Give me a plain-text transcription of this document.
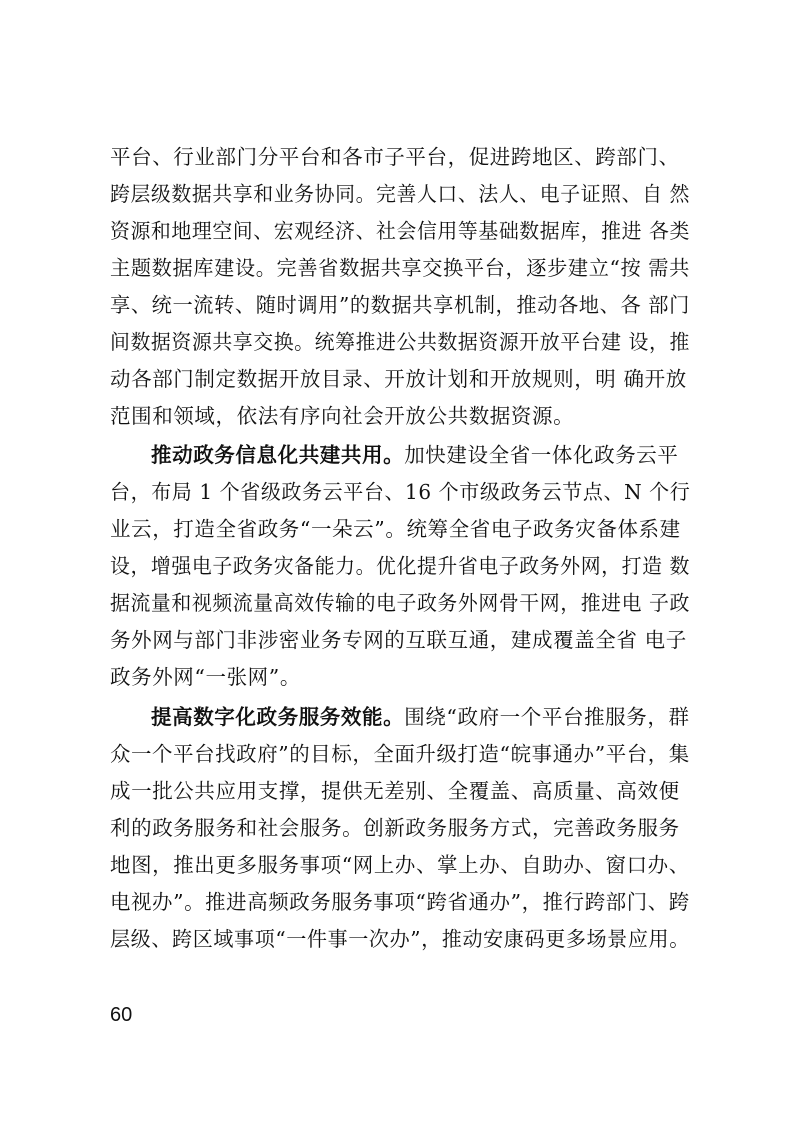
平台、行业部门分平台和各市子平台，促进跨地区、跨部门、
跨层级数据共享和业务协同。完善人口、法人、电子证照、自 然
资源和地理空间、宏观经济、社会信用等基础数据库，推进 各类
主题数据库建设。完善省数据共享交换平台，逐步建立“按 需共
享、统一流转、随时调用”的数据共享机制，推动各地、各 部门
间数据资源共享交换。统筹推进公共数据资源开放平台建 设，推
动各部门制定数据开放目录、开放计划和开放规则，明 确开放
范围和领域，依法有序向社会开放公共数据资源。
推动政务信息化共建共用。加快建设全省一体化政务云平
台，布局 1 个省级政务云平台、16 个市级政务云节点、N 个行
业云，打造全省政务“一朵云”。统筹全省电子政务灾备体系建
设，增强电子政务灾备能力。优化提升省电子政务外网，打造 数
据流量和视频流量高效传输的电子政务外网骨干网，推进电 子政
务外网与部门非涉密业务专网的互联互通，建成覆盖全省 电子
政务外网“一张网”。
提高数字化政务服务效能。围绕“政府一个平台推服务，群
众一个平台找政府”的目标，全面升级打造“皖事通办”平台，集
成一批公共应用支撑，提供无差别、全覆盖、高质量、高效便
利的政务服务和社会服务。创新政务服务方式，完善政务服务
地图，推出更多服务事项“网上办、掌上办、自助办、窗口办、
电视办”。推进高频政务服务事项“跨省通办”，推行跨部门、跨
层级、跨区域事项“一件事一次办”，推动安康码更多场景应用。
60
